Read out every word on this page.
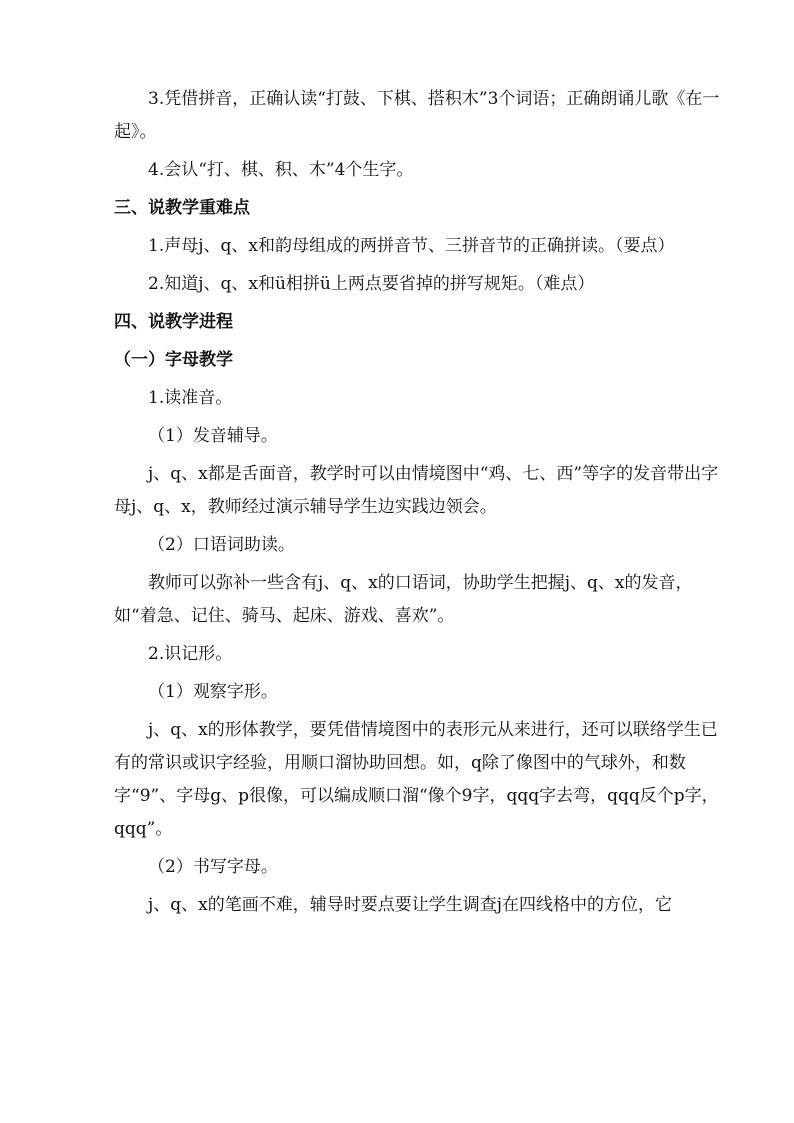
3.凭借拼音，正确认读“打鼓、下棋、搭积木”3个词语；正确朗诵儿歌《在一起》。

4.会认“打、棋、积、木”4个生字。

三、说教学重难点

1.声母j、q、x和韵母组成的两拼音节、三拼音节的正确拼读。（要点）

2.知道j、q、x和ü相拼ü上两点要省掉的拼写规矩。（难点）

四、说教学进程

（一）字母教学

1.读准音。

（1）发音辅导。

j、q、x都是舌面音，教学时可以由情境图中“鸡、七、西”等字的发音带出字母j、q、x，教师经过演示辅导学生边实践边领会。

（2）口语词助读。

教师可以弥补一些含有j、q、x的口语词，协助学生把握j、q、x的发音，如“着急、记住、骑马、起床、游戏、喜欢”。

2.识记形。

（1）观察字形。

j、q、x的形体教学，要凭借情境图中的表形元从来进行，还可以联络学生已有的常识或识字经验，用顺口溜协助回想。如，q除了像图中的气球外，和数字“9”、字母g、p很像，可以编成顺口溜“像个9字，qqq字去弯，qqq反个p字，qqq”。

（2）书写字母。

j、q、x的笔画不难，辅导时要点要让学生调查j在四线格中的方位，它
